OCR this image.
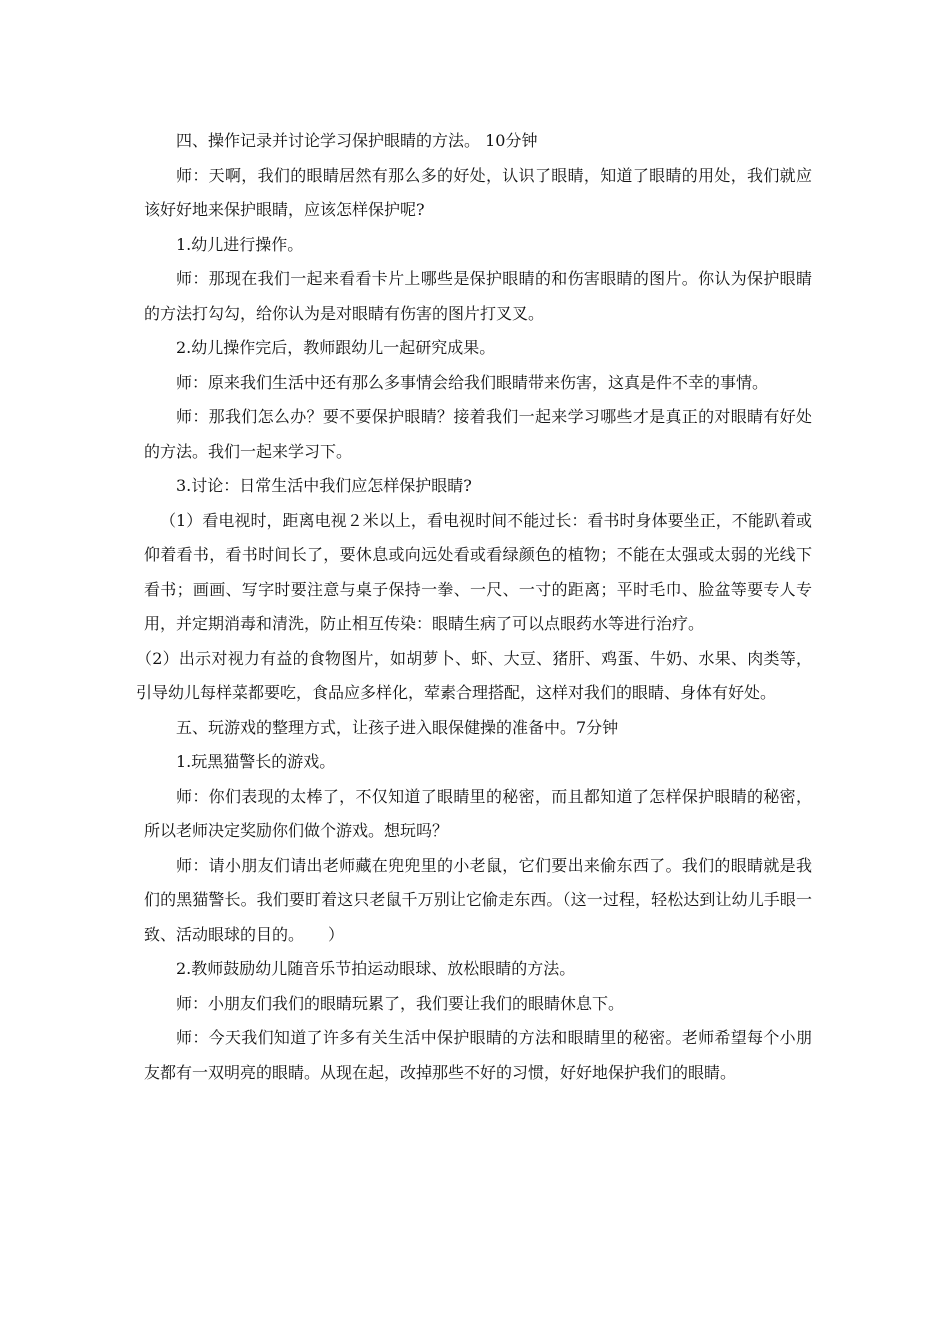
四、操作记录并讨论学习保护眼睛的方法。 10分钟

师：天啊，我们的眼睛居然有那么多的好处，认识了眼睛，知道了眼睛的用处，我们就应该好好地来保护眼睛，应该怎样保护呢?

1.幼儿进行操作。

师：那现在我们一起来看看卡片上哪些是保护眼睛的和伤害眼睛的图片。你认为保护眼睛的方法打勾勾，给你认为是对眼睛有伤害的图片打叉叉。

2.幼儿操作完后，教师跟幼儿一起研究成果。

师：原来我们生活中还有那么多事情会给我们眼睛带来伤害，这真是件不幸的事情。

师：那我们怎么办？要不要保护眼睛？接着我们一起来学习哪些才是真正的对眼睛有好处的方法。我们一起来学习下。

3.讨论：日常生活中我们应怎样保护眼睛?

（1）看电视时，距离电视２米以上，看电视时间不能过长：看书时身体要坐正，不能趴着或仰着看书，看书时间长了，要休息或向远处看或看绿颜色的植物；不能在太强或太弱的光线下看书；画画、写字时要注意与桌子保持一拳、一尺、一寸的距离；平时毛巾、脸盆等要专人专用，并定期消毒和清洗，防止相互传染：眼睛生病了可以点眼药水等进行治疗。

（2）出示对视力有益的食物图片，如胡萝卜、虾、大豆、猪肝、鸡蛋、牛奶、水果、肉类等，引导幼儿每样菜都要吃，食品应多样化，荤素合理搭配，这样对我们的眼睛、身体有好处。

五、玩游戏的整理方式，让孩子进入眼保健操的准备中。7分钟

1.玩黑猫警长的游戏。

师：你们表现的太棒了，不仅知道了眼睛里的秘密，而且都知道了怎样保护眼睛的秘密，所以老师决定奖励你们做个游戏。想玩吗？

师：请小朋友们请出老师藏在兜兜里的小老鼠，它们要出来偷东西了。我们的眼睛就是我们的黑猫警长。我们要盯着这只老鼠千万别让它偷走东西。（这一过程，轻松达到让幼儿手眼一致、活动眼球的目的。　　）

2.教师鼓励幼儿随音乐节拍运动眼球、放松眼睛的方法。

师：小朋友们我们的眼睛玩累了，我们要让我们的眼睛休息下。

师：今天我们知道了许多有关生活中保护眼睛的方法和眼睛里的秘密。老师希望每个小朋友都有一双明亮的眼睛。从现在起，改掉那些不好的习惯，好好地保护我们的眼睛。
